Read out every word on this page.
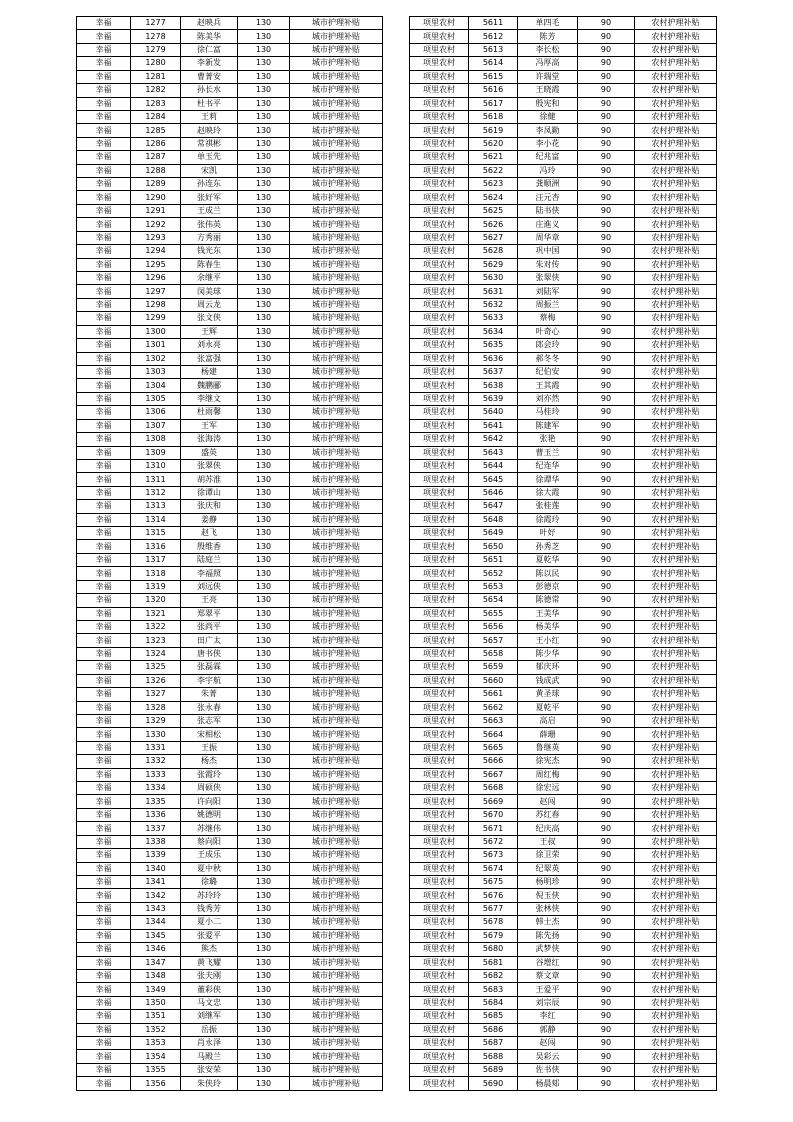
幸福	1277	赵映兵	130	城市护理补贴
幸福	1278	陈美华	130	城市护理补贴
幸福	1279	徐仁富	130	城市护理补贴
幸福	1280	李新发	130	城市护理补贴
幸福	1281	曹菁安	130	城市护理补贴
幸福	1282	孙长水	130	城市护理补贴
幸福	1283	杜书平	130	城市护理补贴
幸福	1284	王莉	130	城市护理补贴
幸福	1285	赵映玲	130	城市护理补贴
幸福	1286	常祺彬	130	城市护理补贴
幸福	1287	单玉先	130	城市护理补贴
幸福	1288	宋凯	130	城市护理补贴
幸福	1289	孙连东	130	城市护理补贴
幸福	1290	张好军	130	城市护理补贴
幸福	1291	王成兰	130	城市护理补贴
幸福	1292	张伟英	130	城市护理补贴
幸福	1293	方秀丽	130	城市护理补贴
幸福	1294	钱光东	130	城市护理补贴
幸福	1295	陈春生	130	城市护理补贴
幸福	1296	余继平	130	城市护理补贴
幸福	1297	闵美球	130	城市护理补贴
幸福	1298	周云龙	130	城市护理补贴
幸福	1299	张文侠	130	城市护理补贴
幸福	1300	王辉	130	城市护理补贴
幸福	1301	刘永亮	130	城市护理补贴
幸福	1302	张富强	130	城市护理补贴
幸福	1303	杨建	130	城市护理补贴
幸福	1304	魏鹏郦	130	城市护理补贴
幸福	1305	李继文	130	城市护理补贴
幸福	1306	杜雨馨	130	城市护理补贴
幸福	1307	王军	130	城市护理补贴
幸福	1308	张海涛	130	城市护理补贴
幸福	1309	盛英	130	城市护理补贴
幸福	1310	张翠侠	130	城市护理补贴
幸福	1311	胡苏淮	130	城市护理补贴
幸福	1312	徐谭山	130	城市护理补贴
幸福	1313	张庆和	130	城市护理补贴
幸福	1314	姜静	130	城市护理补贴
幸福	1315	赵飞	130	城市护理补贴
幸福	1316	殷维香	130	城市护理补贴
幸福	1317	陆庭兰	130	城市护理补贴
幸福	1318	李福照	130	城市护理补贴
幸福	1319	刘远侠	130	城市护理补贴
幸福	1320	王亮	130	城市护理补贴
幸福	1321	郑翠平	130	城市护理补贴
幸福	1322	张尚平	130	城市护理补贴
幸福	1323	田广太	130	城市护理补贴
幸福	1324	唐书侠	130	城市护理补贴
幸福	1325	张磊霖	130	城市护理补贴
幸福	1326	李宇航	130	城市护理补贴
幸福	1327	朱菁	130	城市护理补贴
幸福	1328	张永春	130	城市护理补贴
幸福	1329	张志军	130	城市护理补贴
幸福	1330	宋相松	130	城市护理补贴
幸福	1331	王振	130	城市护理补贴
幸福	1332	杨杰	130	城市护理补贴
幸福	1333	张霞玲	130	城市护理补贴
幸福	1334	周硕侠	130	城市护理补贴
幸福	1335	许向阳	130	城市护理补贴
幸福	1336	姚德明	130	城市护理补贴
幸福	1337	苏继伟	130	城市护理补贴
幸福	1338	蔡向阳	130	城市护理补贴
幸福	1339	王成乐	130	城市护理补贴
幸福	1340	夏中秋	130	城市护理补贴
幸福	1341	徐璐	130	城市护理补贴
幸福	1342	苏玲玲	130	城市护理补贴
幸福	1343	钱秀芳	130	城市护理补贴
幸福	1344	夏小二	130	城市护理补贴
幸福	1345	张爱平	130	城市护理补贴
幸福	1346	熊杰	130	城市护理补贴
幸福	1347	黄飞耀	130	城市护理补贴
幸福	1348	张夫刚	130	城市护理补贴
幸福	1349	董彩侠	130	城市护理补贴
幸福	1350	马文忠	130	城市护理补贴
幸福	1351	刘继军	130	城市护理补贴
幸福	1352	岳振	130	城市护理补贴
幸福	1353	肖永泽	130	城市护理补贴
幸福	1354	马殿兰	130	城市护理补贴
幸福	1355	张安荣	130	城市护理补贴
幸福	1356	朱侠玲	130	城市护理补贴
项里农村	5611	单四毛	90	农村护理补贴
项里农村	5612	陈芳	90	农村护理补贴
项里农村	5613	李长松	90	农村护理补贴
项里农村	5614	冯厚高	90	农村护理补贴
项里农村	5615	许瑞堂	90	农村护理补贴
项里农村	5616	王晓霞	90	农村护理补贴
项里农村	5617	殷宪和	90	农村护理补贴
项里农村	5618	徐健	90	农村护理补贴
项里农村	5619	李凤勤	90	农村护理补贴
项里农村	5620	李小花	90	农村护理补贴
项里农村	5621	纪兆富	90	农村护理补贴
项里农村	5622	冯玲	90	农村护理补贴
项里农村	5623	龚顺洲	90	农村护理补贴
项里农村	5624	汪元杏	90	农村护理补贴
项里农村	5625	陆书侠	90	农村护理补贴
项里农村	5626	庄進义	90	农村护理补贴
项里农村	5627	周华章	90	农村护理补贴
项里农村	5628	巩中国	90	农村护理补贴
项里农村	5629	朱对传	90	农村护理补贴
项里农村	5630	张翠侠	90	农村护理补贴
项里农村	5631	刘陆军	90	农村护理补贴
项里农村	5632	周振兰	90	农村护理补贴
项里农村	5633	蔡梅	90	农村护理补贴
项里农村	5634	叶奇心	90	农村护理补贴
项里农村	5635	郎会玲	90	农村护理补贴
项里农村	5636	郝冬冬	90	农村护理补贴
项里农村	5637	纪伯安	90	农村护理补贴
项里农村	5638	王其霞	90	农村护理补贴
项里农村	5639	刘亦然	90	农村护理补贴
项里农村	5640	马桂玲	90	农村护理补贴
项里农村	5641	陈建军	90	农村护理补贴
项里农村	5642	张艳	90	农村护理补贴
项里农村	5643	曹玉兰	90	农村护理补贴
项里农村	5644	纪连华	90	农村护理补贴
项里农村	5645	徐谭华	90	农村护理补贴
项里农村	5646	徐大霞	90	农村护理补贴
项里农村	5647	张桂莲	90	农村护理补贴
项里农村	5648	徐霞玲	90	农村护理补贴
项里农村	5649	叶好	90	农村护理补贴
项里农村	5650	孙秀芝	90	农村护理补贴
项里农村	5651	夏乾华	90	农村护理补贴
项里农村	5652	陈以民	90	农村护理补贴
项里农村	5653	彭德京	90	农村护理补贴
项里农村	5654	陈德常	90	农村护理补贴
项里农村	5655	王美华	90	农村护理补贴
项里农村	5656	杨美华	90	农村护理补贴
项里农村	5657	王小红	90	农村护理补贴
项里农村	5658	陈少华	90	农村护理补贴
项里农村	5659	郁庆环	90	农村护理补贴
项里农村	5660	钱成武	90	农村护理补贴
项里农村	5661	黄圣球	90	农村护理补贴
项里农村	5662	夏乾平	90	农村护理补贴
项里农村	5663	高启	90	农村护理补贴
项里农村	5664	薛珊	90	农村护理补贴
项里农村	5665	鲁继英	90	农村护理补贴
项里农村	5666	徐宪杰	90	农村护理补贴
项里农村	5667	周红梅	90	农村护理补贴
项里农村	5668	徐宏远	90	农村护理补贴
项里农村	5669	赵闯	90	农村护理补贴
项里农村	5670	苏红春	90	农村护理补贴
项里农村	5671	纪庆高	90	农村护理补贴
项里农村	5672	王叔	90	农村护理补贴
项里农村	5673	徐卫荣	90	农村护理补贴
项里农村	5674	纪翠英	90	农村护理补贴
项里农村	5675	杨明珍	90	农村护理补贴
项里农村	5676	倪玉侠	90	农村护理补贴
项里农村	5677	张林侠	90	农村护理补贴
项里农村	5678	韩士杰	90	农村护理补贴
项里农村	5679	陈先扬	90	农村护理补贴
项里农村	5680	武梦侠	90	农村护理补贴
项里农村	5681	谷增红	90	农村护理补贴
项里农村	5682	蔡文章	90	农村护理补贴
项里农村	5683	王爱平	90	农村护理补贴
项里农村	5684	刘宗辰	90	农村护理补贴
项里农村	5685	李红	90	农村护理补贴
项里农村	5686	郭静	90	农村护理补贴
项里农村	5687	赵闯	90	农村护理补贴
项里农村	5688	吴彩云	90	农村护理补贴
项里农村	5689	佐书侠	90	农村护理补贴
项里农村	5690	杨晨郏	90	农村护理补贴
